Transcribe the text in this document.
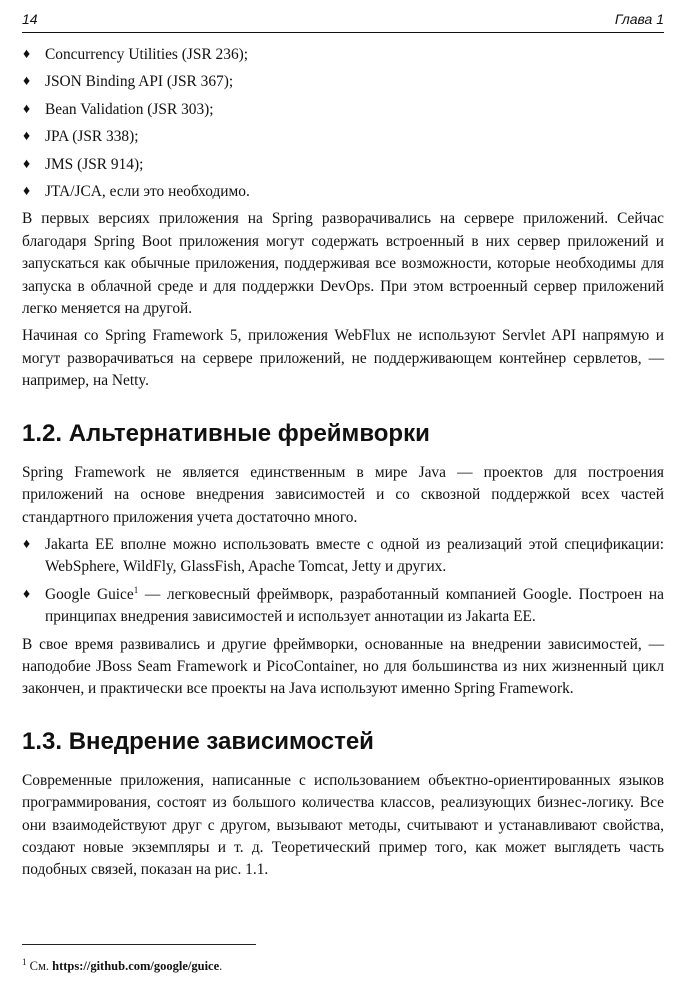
14	Глава 1
♦ Concurrency Utilities (JSR 236);
♦ JSON Binding API (JSR 367);
♦ Bean Validation (JSR 303);
♦ JPA (JSR 338);
♦ JMS (JSR 914);
♦ JTA/JCA, если это необходимо.

В первых версиях приложения на Spring разворачивались на сервере приложений. Сейчас благодаря Spring Boot приложения могут содержать встроенный в них сервер приложений и запускаться как обычные приложения, поддерживая все возможности, которые необходимы для запуска в облачной среде и для поддержки DevOps. При этом встроенный сервер приложений легко меняется на другой.

Начиная со Spring Framework 5, приложения WebFlux не используют Servlet API напрямую и могут разворачиваться на сервере приложений, не поддерживающем контейнер сервлетов, — например, на Netty.

1.2. Альтернативные фреймворки

Spring Framework не является единственным в мире Java — проектов для построения приложений на основе внедрения зависимостей и со сквозной поддержкой всех частей стандартного приложения учета достаточно много.

♦ Jakarta EE вполне можно использовать вместе с одной из реализаций этой спецификации: WebSphere, WildFly, GlassFish, Apache Tomcat, Jetty и других.
♦ Google Guice$^1$ — легковесный фреймворк, разработанный компанией Google. Построен на принципах внедрения зависимостей и использует аннотации из Jakarta EE.

В свое время развивались и другие фреймворки, основанные на внедрении зависимостей, — наподобие JBoss Seam Framework и PicoContainer, но для большинства из них жизненный цикл закончен, и практически все проекты на Java используют именно Spring Framework.

1.3. Внедрение зависимостей

Современные приложения, написанные с использованием объектно-ориентированных языков программирования, состоят из большого количества классов, реализующих бизнес-логику. Все они взаимодействуют друг с другом, вызывают методы, считывают и устанавливают свойства, создают новые экземпляры и т. д. Теоретический пример того, как может выглядеть часть подобных связей, показан на рис. 1.1.

$^1$ См. https://github.com/google/guice.
